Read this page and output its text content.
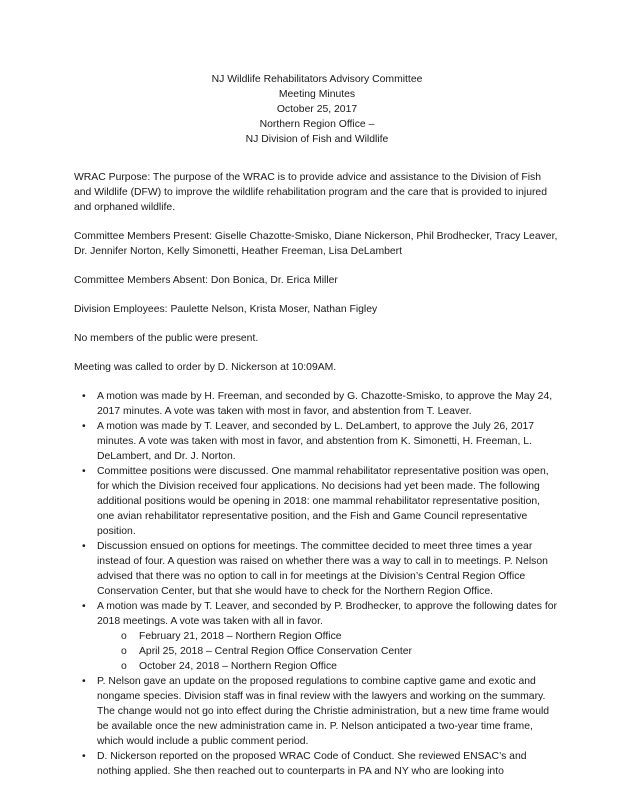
NJ Wildlife Rehabilitators Advisory Committee
Meeting Minutes
October 25, 2017
Northern Region Office –
NJ Division of Fish and Wildlife

WRAC Purpose: The purpose of the WRAC is to provide advice and assistance to the Division of Fish and Wildlife (DFW) to improve the wildlife rehabilitation program and the care that is provided to injured and orphaned wildlife.

Committee Members Present: Giselle Chazotte-Smisko, Diane Nickerson, Phil Brodhecker, Tracy Leaver, Dr. Jennifer Norton, Kelly Simonetti, Heather Freeman, Lisa DeLambert

Committee Members Absent: Don Bonica, Dr. Erica Miller

Division Employees: Paulette Nelson, Krista Moser, Nathan Figley

No members of the public were present.

Meeting was called to order by D. Nickerson at 10:09AM.

• A motion was made by H. Freeman, and seconded by G. Chazotte-Smisko, to approve the May 24, 2017 minutes. A vote was taken with most in favor, and abstention from T. Leaver.
• A motion was made by T. Leaver, and seconded by L. DeLambert, to approve the July 26, 2017 minutes. A vote was taken with most in favor, and abstention from K. Simonetti, H. Freeman, L. DeLambert, and Dr. J. Norton.
• Committee positions were discussed. One mammal rehabilitator representative position was open, for which the Division received four applications. No decisions had yet been made. The following additional positions would be opening in 2018: one mammal rehabilitator representative position, one avian rehabilitator representative position, and the Fish and Game Council representative position.
• Discussion ensued on options for meetings. The committee decided to meet three times a year instead of four. A question was raised on whether there was a way to call in to meetings. P. Nelson advised that there was no option to call in for meetings at the Division’s Central Region Office Conservation Center, but that she would have to check for the Northern Region Office.
• A motion was made by T. Leaver, and seconded by P. Brodhecker, to approve the following dates for 2018 meetings. A vote was taken with all in favor.
o February 21, 2018 – Northern Region Office
o April 25, 2018 – Central Region Office Conservation Center
o October 24, 2018 – Northern Region Office
• P. Nelson gave an update on the proposed regulations to combine captive game and exotic and nongame species. Division staff was in final review with the lawyers and working on the summary. The change would not go into effect during the Christie administration, but a new time frame would be available once the new administration came in. P. Nelson anticipated a two-year time frame, which would include a public comment period.
• D. Nickerson reported on the proposed WRAC Code of Conduct. She reviewed ENSAC’s and nothing applied. She then reached out to counterparts in PA and NY who are looking into
